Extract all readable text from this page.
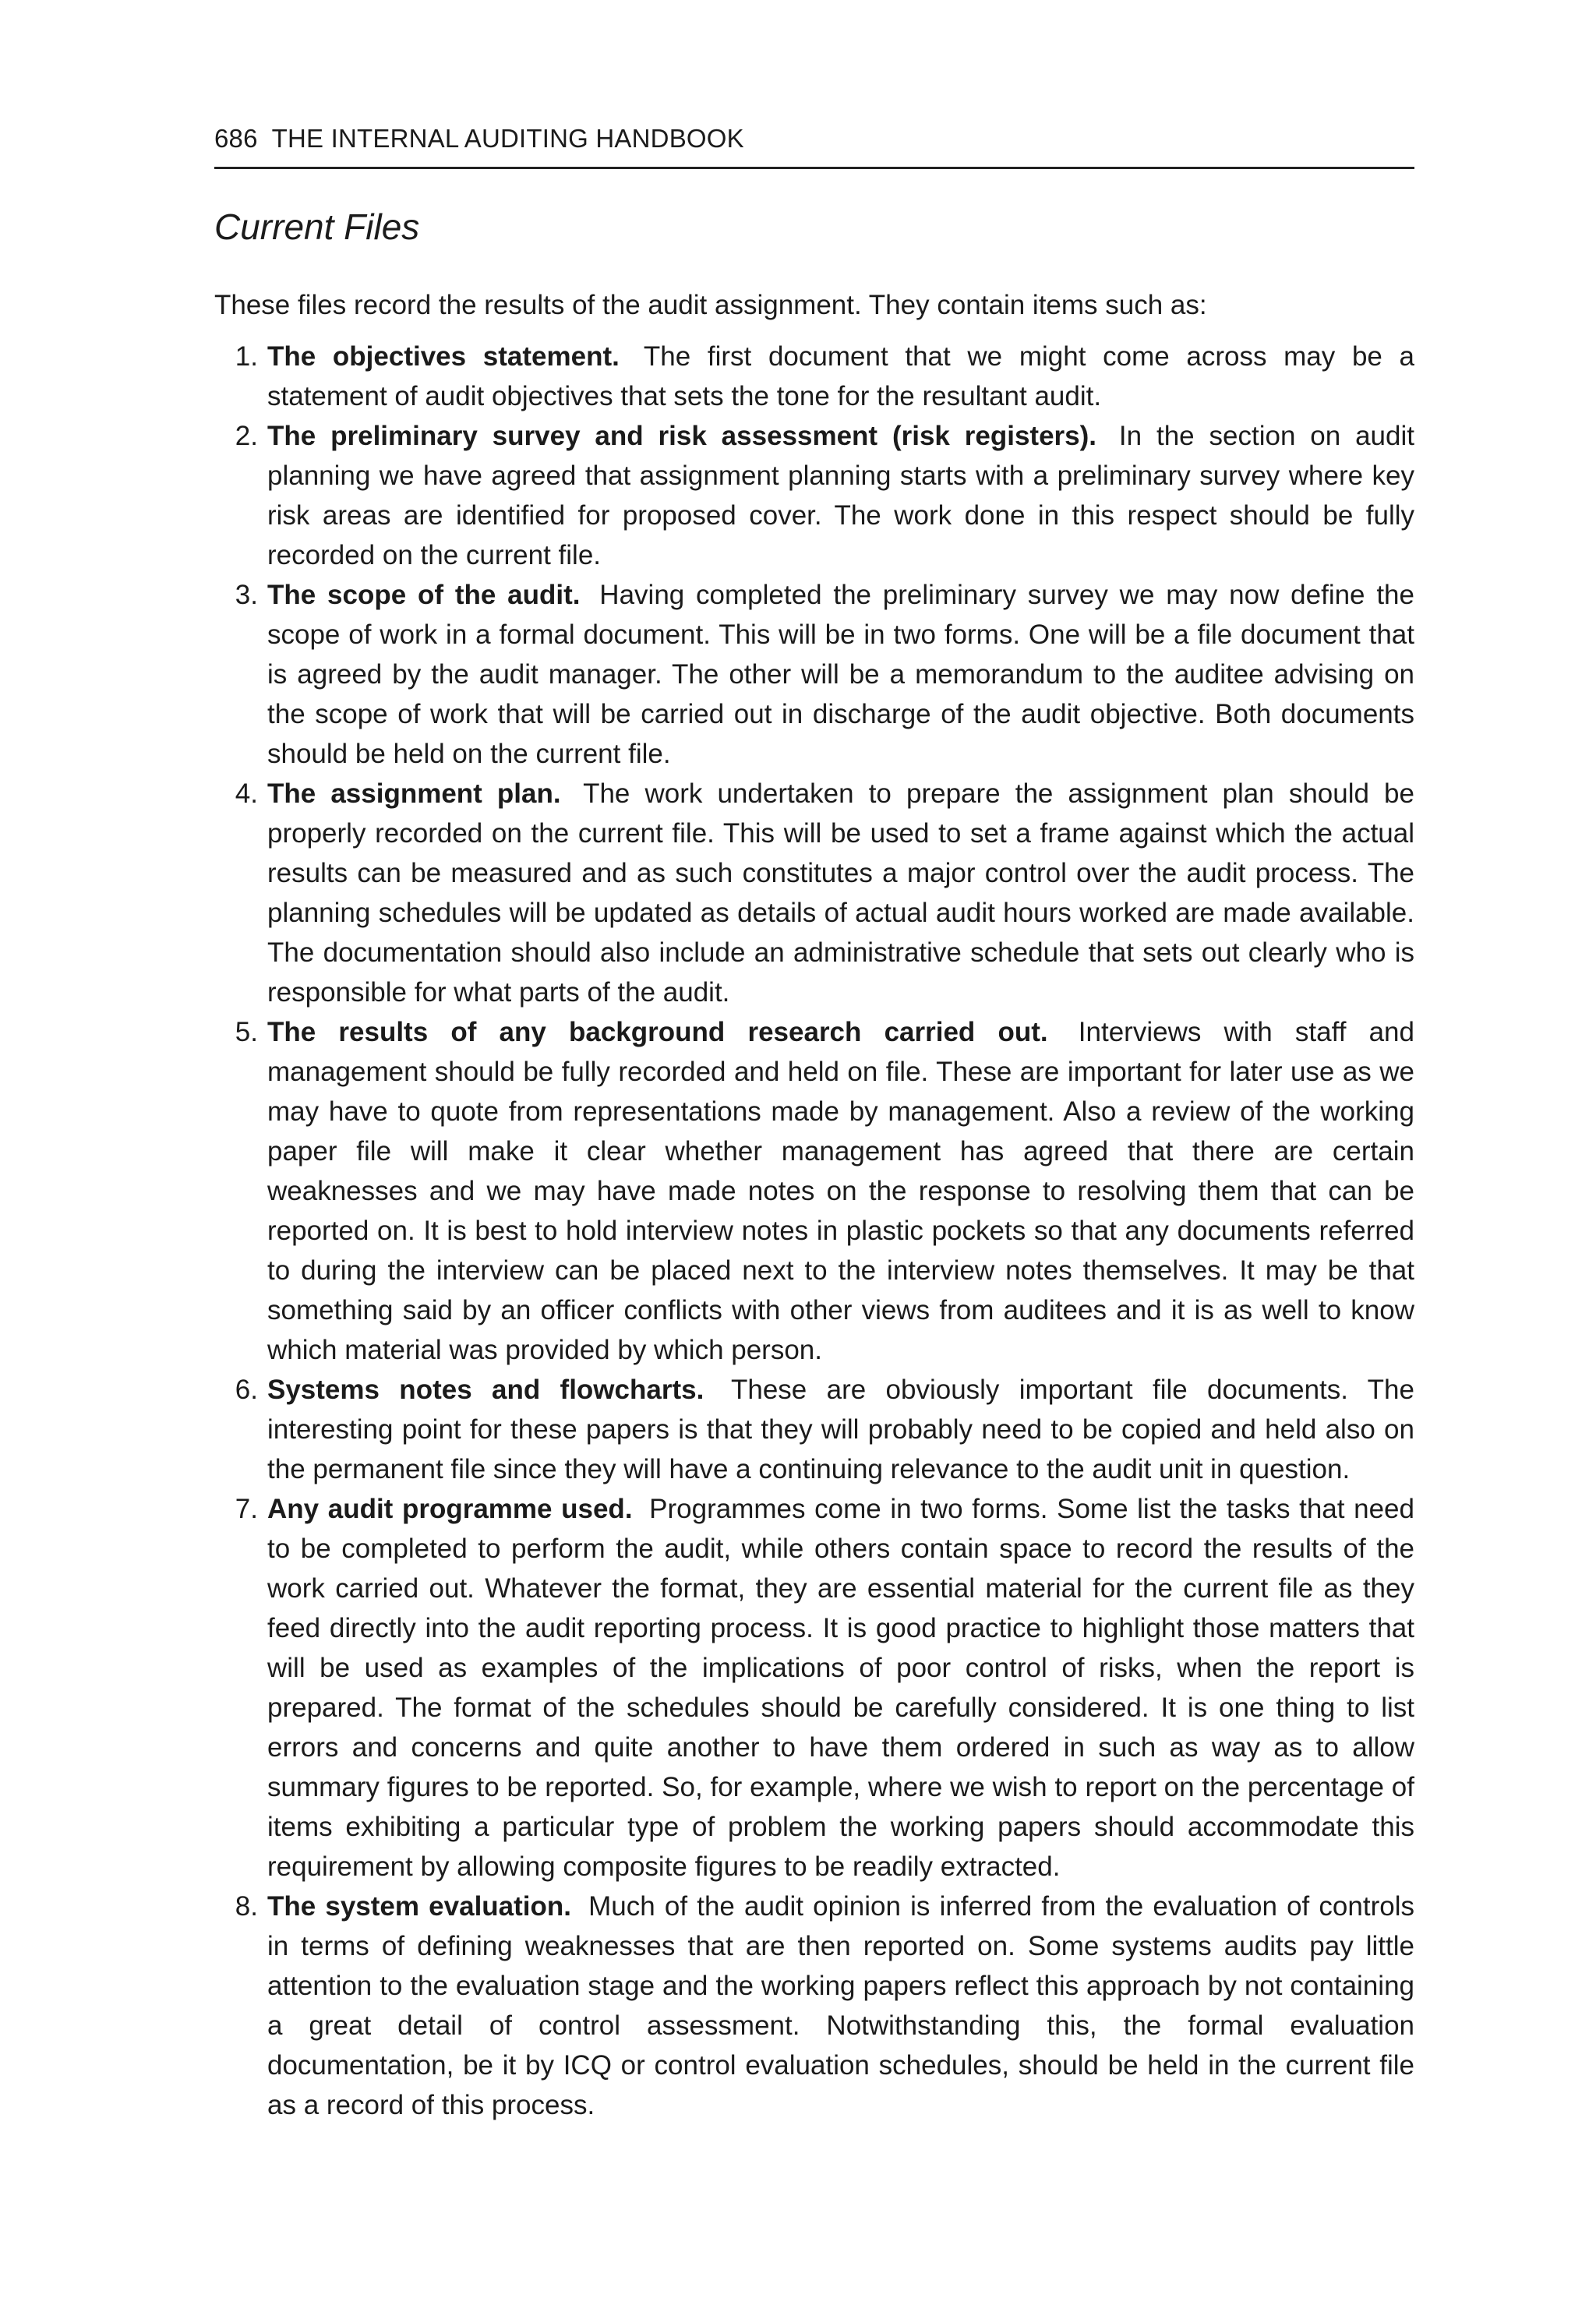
686 THE INTERNAL AUDITING HANDBOOK
Current Files

These files record the results of the audit assignment. They contain items such as:

1. The objectives statement. The first document that we might come across may be a statement of audit objectives that sets the tone for the resultant audit.
2. The preliminary survey and risk assessment (risk registers). In the section on audit planning we have agreed that assignment planning starts with a preliminary survey where key risk areas are identified for proposed cover. The work done in this respect should be fully recorded on the current file.
3. The scope of the audit. Having completed the preliminary survey we may now define the scope of work in a formal document. This will be in two forms. One will be a file document that is agreed by the audit manager. The other will be a memorandum to the auditee advising on the scope of work that will be carried out in discharge of the audit objective. Both documents should be held on the current file.
4. The assignment plan. The work undertaken to prepare the assignment plan should be properly recorded on the current file. This will be used to set a frame against which the actual results can be measured and as such constitutes a major control over the audit process. The planning schedules will be updated as details of actual audit hours worked are made available. The documentation should also include an administrative schedule that sets out clearly who is responsible for what parts of the audit.
5. The results of any background research carried out. Interviews with staff and management should be fully recorded and held on file. These are important for later use as we may have to quote from representations made by management. Also a review of the working paper file will make it clear whether management has agreed that there are certain weaknesses and we may have made notes on the response to resolving them that can be reported on. It is best to hold interview notes in plastic pockets so that any documents referred to during the interview can be placed next to the interview notes themselves. It may be that something said by an officer conflicts with other views from auditees and it is as well to know which material was provided by which person.
6. Systems notes and flowcharts. These are obviously important file documents. The interesting point for these papers is that they will probably need to be copied and held also on the permanent file since they will have a continuing relevance to the audit unit in question.
7. Any audit programme used. Programmes come in two forms. Some list the tasks that need to be completed to perform the audit, while others contain space to record the results of the work carried out. Whatever the format, they are essential material for the current file as they feed directly into the audit reporting process. It is good practice to highlight those matters that will be used as examples of the implications of poor control of risks, when the report is prepared. The format of the schedules should be carefully considered. It is one thing to list errors and concerns and quite another to have them ordered in such as way as to allow summary figures to be reported. So, for example, where we wish to report on the percentage of items exhibiting a particular type of problem the working papers should accommodate this requirement by allowing composite figures to be readily extracted.
8. The system evaluation. Much of the audit opinion is inferred from the evaluation of controls in terms of defining weaknesses that are then reported on. Some systems audits pay little attention to the evaluation stage and the working papers reflect this approach by not containing a great detail of control assessment. Notwithstanding this, the formal evaluation documentation, be it by ICQ or control evaluation schedules, should be held in the current file as a record of this process.
